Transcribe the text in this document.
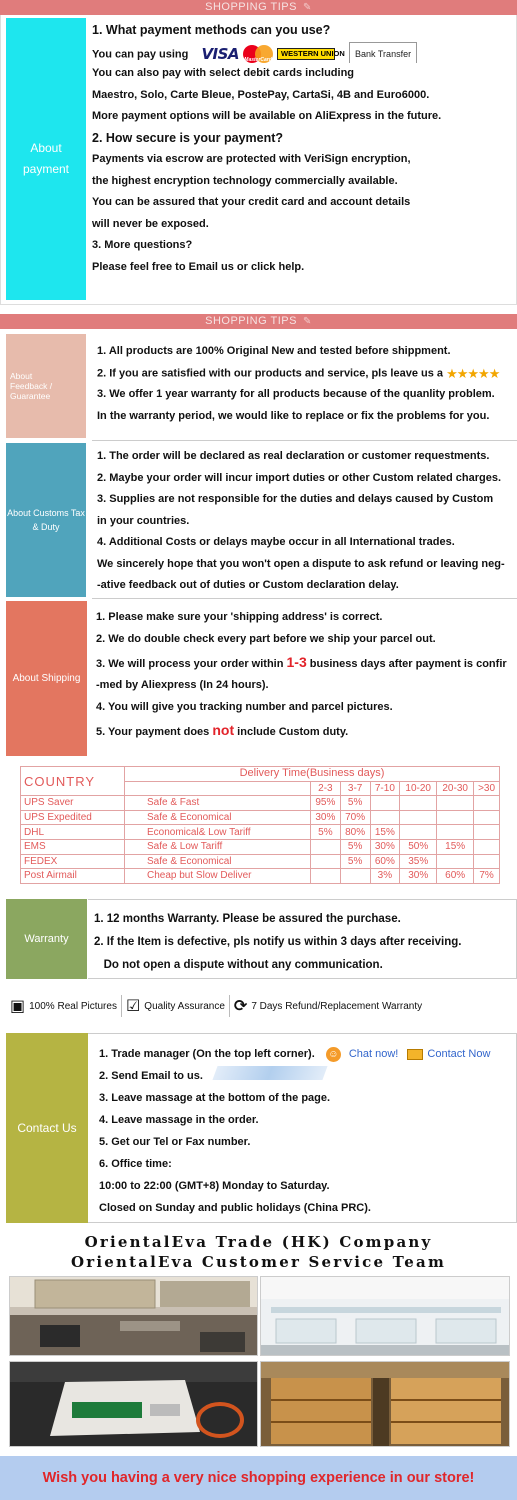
SHOPPING TIPS ✎
About payment
1. What payment methods can you use?
You can pay using VISA MasterCard
WESTERN UNION	Bank Transfer
You can also pay with select debit cards including
Maestro, Solo, Carte Bleue, PostePay, CartaSi, 4B and Euro6000.
More payment options will be available on AliExpress in the future.
2. How secure is your payment?
Payments via escrow are protected with VeriSign encryption,
the highest encryption technology commercially available.
You can be assured that your credit card and account details
will never be exposed.
3. More questions?
Please feel free to Email us or click help.
SHOPPING TIPS ✎
About Feedback / Guarantee
1. All products are 100% Original New and tested before shippment.
2. If you are satisfied with our products and service, pls leave us a ★★★★★
3. We offer 1 year warranty for all products because of the quanlity problem.
In the warranty period, we would like to replace or fix the problems for you.
About Customs Tax & Duty
1. The order will be declared as real declaration or customer requestments.
2. Maybe your order will incur import duties or other Custom related charges.
3. Supplies are not responsible for the duties and delays caused by Custom
in your countries.
4. Additional Costs or delays maybe occur in all International trades.
We sincerely hope that you won't open a dispute to ask refund or leaving neg-
-ative feedback out of duties or Custom declaration delay.
About Shipping
1. Please make sure your 'shipping address' is correct.
2. We do double check every part before we ship your parcel out.
3. We will process your order within 1-3 business days after payment is confir
-med by Aliexpress (In 24 hours).
4. You will give you tracking number and parcel pictures.
5. Your payment does not include Custom duty.
COUNTRY	Delivery Time(Business days)						
		2-3	3-7	7-10	10-20	20-30	>30
UPS Saver	Safe & Fast	95%	5%				
UPS Expedited	Safe & Economical	30%	70%				
DHL	Economical& Low Tariff	5%	80%	15%			
EMS	Safe & Low Tariff		5%	30%	50%	15%	
FEDEX	Safe & Economical		5%	60%	35%		
Post Airmail	Cheap but Slow Deliver			3%	30%	60%	7%
Warranty
1. 12 months Warranty. Please be assured the purchase.
2. If the Item is defective, pls notify us within 3 days after receiving.
Do not open a dispute without any communication.
▣ 100% Real Pictures ☑ Quality Assurance ⟳ 7 Days Refund/Replacement Warranty
Contact Us
1. Trade manager (On the top left corner). ☺ Chat now!	Contact Now
2. Send Email to us.
3. Leave massage at the bottom of the page.
4. Leave massage in the order.
5. Get our Tel or Fax number.
6. Office time:
10:00 to 22:00 (GMT+8) Monday to Saturday.
Closed on Sunday and public holidays (China PRC).
OrientalEva Trade (HK) Company
OrientalEva Customer Service Team
Wish you having a very nice shopping experience in our store!
